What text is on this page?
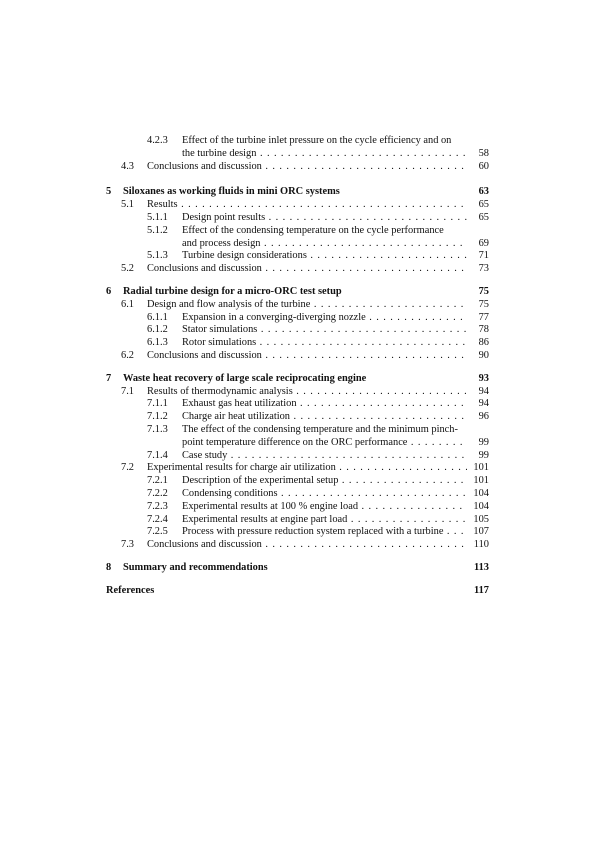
4.2.3 Effect of the turbine inlet pressure on the cycle efficiency and on
the turbine design . . .	58
4.3	Conclusions and discussion . . .	60
5	Siloxanes as working fluids in mini ORC systems	63
5.1	Results . . .	65
5.1.1	Design point results . . .	65
5.1.2 Effect of the condensing temperature on the cycle performance
and process design . . .	69
5.1.3	Turbine design considerations . . .	71
5.2	Conclusions and discussion . . .	73
6	Radial turbine design for a micro-ORC test setup	75
6.1	Design and flow analysis of the turbine . . .	75
6.1.1	Expansion in a converging-diverging nozzle . . .	77
6.1.2	Stator simulations . . .	78
6.1.3	Rotor simulations . . .	86
6.2	Conclusions and discussion . . .	90
7	Waste heat recovery of large scale reciprocating engine	93
7.1	Results of thermodynamic analysis . . .	94
7.1.1	Exhaust gas heat utilization . . .	94
7.1.2	Charge air heat utilization . . .	96
7.1.3 The effect of the condensing temperature and the minimum pinch-
point temperature difference on the ORC performance . . .	99
7.1.4	Case study . . .	99
7.2	Experimental results for charge air utilization . . .	101
7.2.1	Description of the experimental setup . . .	101
7.2.2	Condensing conditions . . .	104
7.2.3	Experimental results at 100 % engine load . . .	104
7.2.4	Experimental results at engine part load . . .	105
7.2.5	Process with pressure reduction system replaced with a turbine . . .	107
7.3	Conclusions and discussion . . .	110
8	Summary and recommendations	113
References	117
